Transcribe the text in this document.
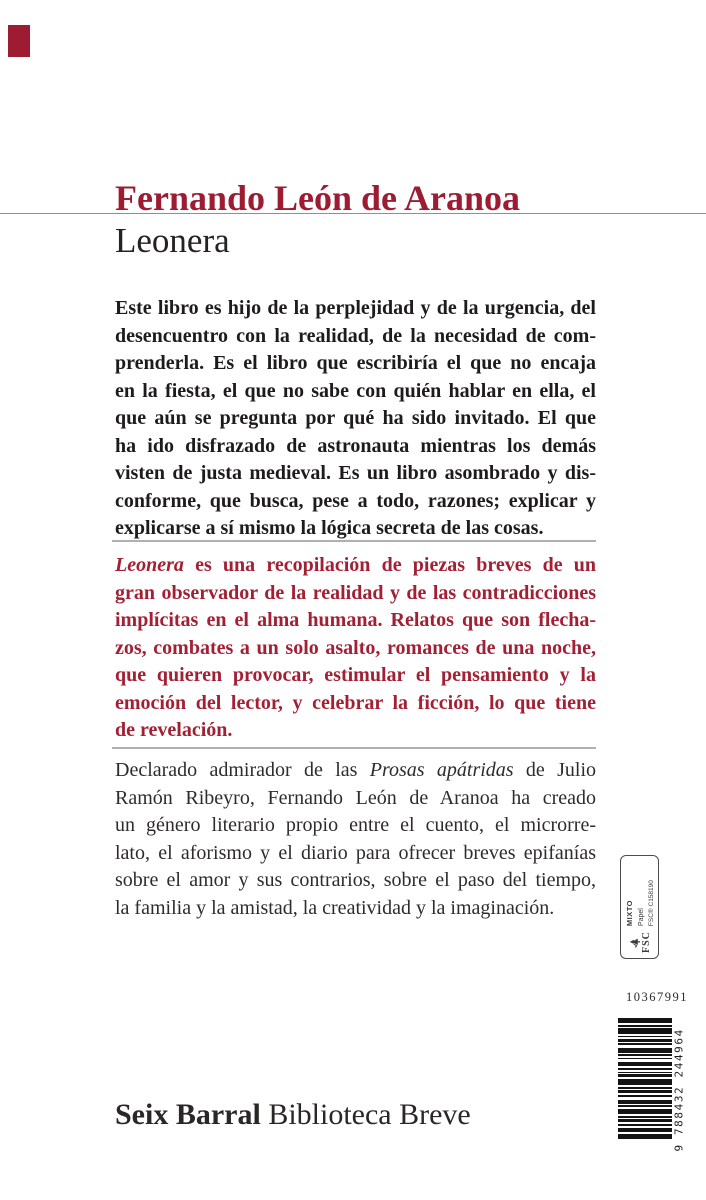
Fernando León de Aranoa
Leonera
Este libro es hijo de la perplejidad y de la urgencia, del
desencuentro con la realidad, de la necesidad de com-
prenderla. Es el libro que escribiría el que no encaja
en la fiesta, el que no sabe con quién hablar en ella, el
que aún se pregunta por qué ha sido invitado. El que
ha ido disfrazado de astronauta mientras los demás
visten de justa medieval. Es un libro asombrado y dis-
conforme, que busca, pese a todo, razones; explicar y
explicarse a sí mismo la lógica secreta de las cosas.
Leonera es una recopilación de piezas breves de un
gran observador de la realidad y de las contradicciones
implícitas en el alma humana. Relatos que son flecha-
zos, combates a un solo asalto, romances de una noche,
que quieren provocar, estimular el pensamiento y la
emoción del lector, y celebrar la ficción, lo que tiene
de revelación.
Declarado admirador de las Prosas apátridas de Julio
Ramón Ribeyro, Fernando León de Aranoa ha creado
un género literario propio entre el cuento, el microrre-
lato, el aforismo y el diario para ofrecer breves epifanías
sobre el amor y sus contrarios, sobre el paso del tiempo,
la familia y la amistad, la creatividad y la imaginación.
FSC
MIXTO Papel FSC® C158190
10367991
9 788432 244964

Seix Barral Biblioteca Breve
